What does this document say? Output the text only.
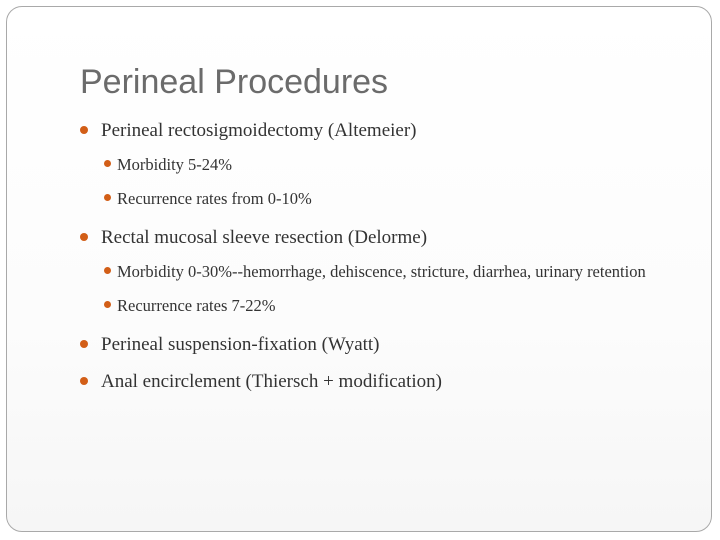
Perineal Procedures
Perineal rectosigmoidectomy (Altemeier)
Morbidity 5-24%
Recurrence rates from 0-10%
Rectal mucosal sleeve resection (Delorme)
Morbidity 0-30%--hemorrhage, dehiscence, stricture, diarrhea, urinary retention
Recurrence rates 7-22%
Perineal suspension-fixation (Wyatt)
Anal encirclement (Thiersch + modification)
